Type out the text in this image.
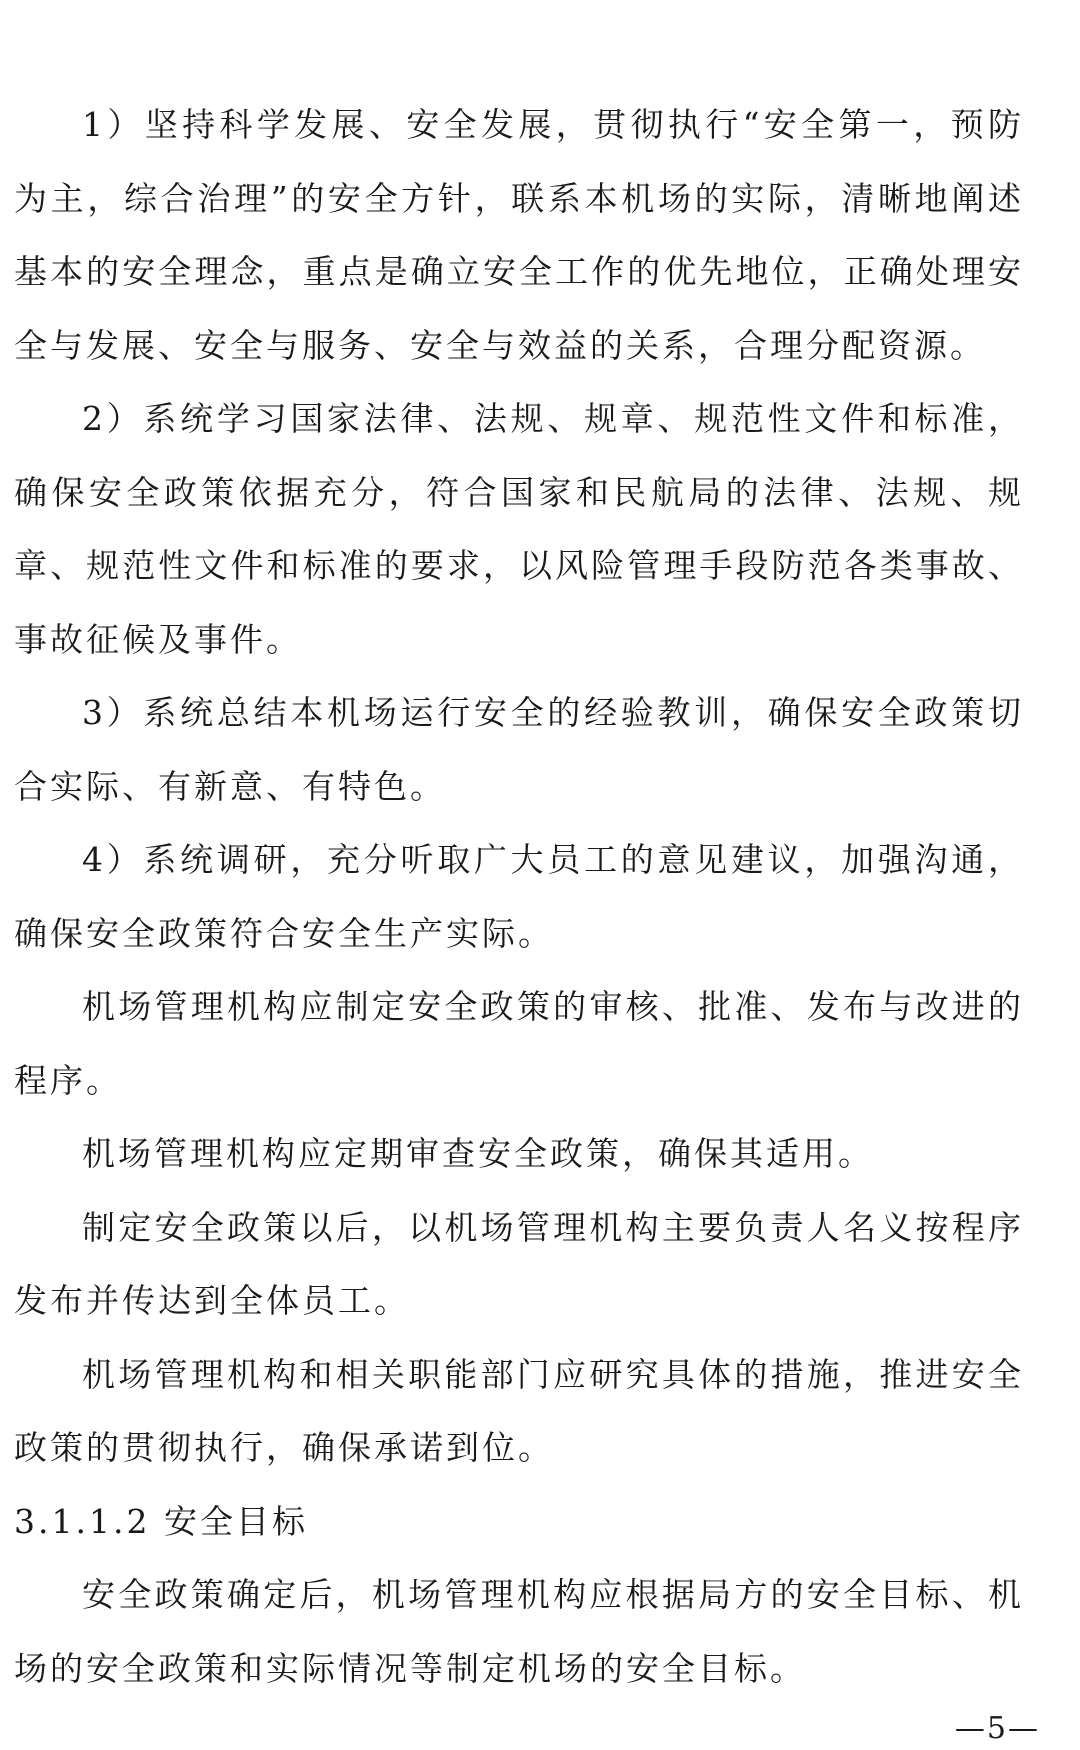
1）坚持科学发展、安全发展，贯彻执行“安全第一，预防为主，综合治理”的安全方针，联系本机场的实际，清晰地阐述基本的安全理念，重点是确立安全工作的优先地位，正确处理安全与发展、安全与服务、安全与效益的关系，合理分配资源。

2）系统学习国家法律、法规、规章、规范性文件和标准，确保安全政策依据充分，符合国家和民航局的法律、法规、规章、规范性文件和标准的要求，以风险管理手段防范各类事故、事故征候及事件。

3）系统总结本机场运行安全的经验教训，确保安全政策切合实际、有新意、有特色。

4）系统调研，充分听取广大员工的意见建议，加强沟通，确保安全政策符合安全生产实际。

机场管理机构应制定安全政策的审核、批准、发布与改进的程序。

机场管理机构应定期审查安全政策，确保其适用。

制定安全政策以后，以机场管理机构主要负责人名义按程序发布并传达到全体员工。

机场管理机构和相关职能部门应研究具体的措施，推进安全政策的贯彻执行，确保承诺到位。

3.1.1.2 安全目标

安全政策确定后，机场管理机构应根据局方的安全目标、机场的安全政策和实际情况等制定机场的安全目标。

—5—
